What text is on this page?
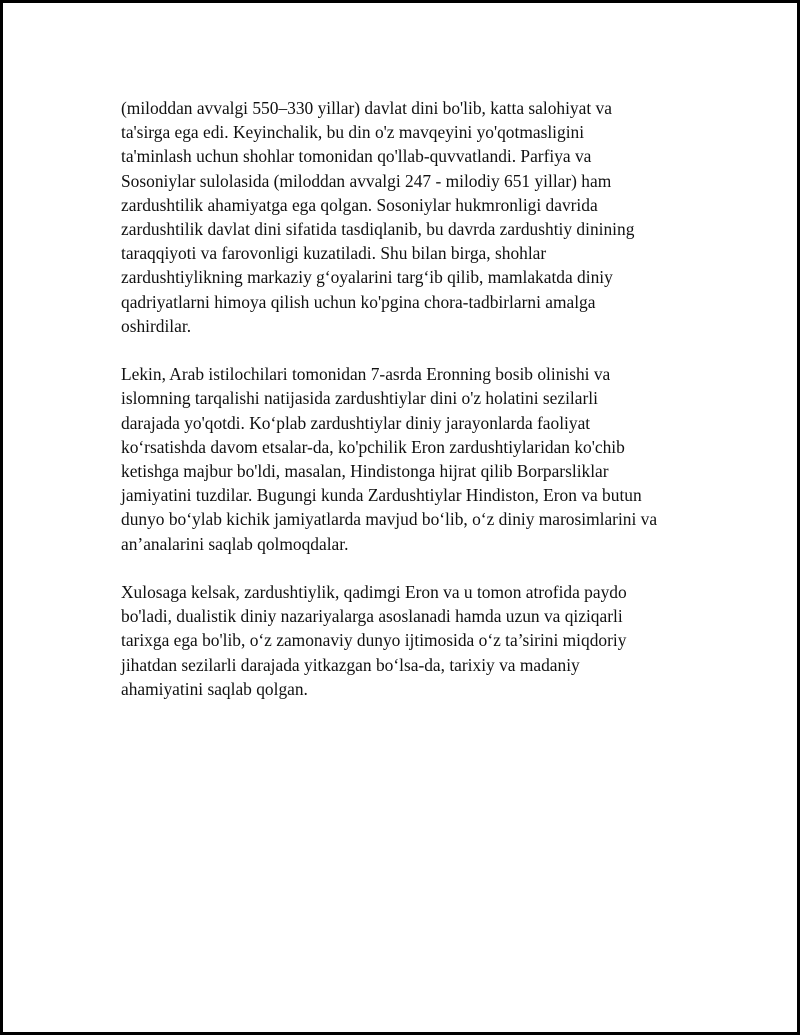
(miloddan avvalgi 550–330 yillar) davlat dini bo'lib, katta salohiyat va
ta'sirga ega edi. Keyinchalik, bu din o'z mavqeyini yo'qotmasligini
ta'minlash uchun shohlar tomonidan qo'llab-quvvatlandi. Parfiya va
Sosoniylar sulolasida (miloddan avvalgi 247 - milodiy 651 yillar) ham
zardushtilik ahamiyatga ega qolgan. Sosoniylar hukmronligi davrida
zardushtilik davlat dini sifatida tasdiqlanib, bu davrda zardushtiy dinining
taraqqiyoti va farovonligi kuzatiladi. Shu bilan birga, shohlar
zardushtiylikning markaziy g‘oyalarini targ‘ib qilib, mamlakatda diniy
qadriyatlarni himoya qilish uchun ko'pgina chora-tadbirlarni amalga
oshirdilar.

Lekin, Arab istilochilari tomonidan 7-asrda Eronning bosib olinishi va
islomning tarqalishi natijasida zardushtiylar dini o'z holatini sezilarli
darajada yo'qotdi. Ko‘plab zardushtiylar diniy jarayonlarda faoliyat
ko‘rsatishda davom etsalar-da, ko'pchilik Eron zardushtiylaridan ko'chib
ketishga majbur bo'ldi, masalan, Hindistonga hijrat qilib Borparsliklar
jamiyatini tuzdilar. Bugungi kunda Zardushtiylar Hindiston, Eron va butun
dunyo bo‘ylab kichik jamiyatlarda mavjud bo‘lib, o‘z diniy marosimlarini va
an’analarini saqlab qolmoqdalar.

Xulosaga kelsak, zardushtiylik, qadimgi Eron va u tomon atrofida paydo
bo'ladi, dualistik diniy nazariyalarga asoslanadi hamda uzun va qiziqarli
tarixga ega bo'lib, o‘z zamonaviy dunyo ijtimosida o‘z ta’sirini miqdoriy
jihatdan sezilarli darajada yitkazgan bo‘lsa-da, tarixiy va madaniy
ahamiyatini saqlab qolgan.
